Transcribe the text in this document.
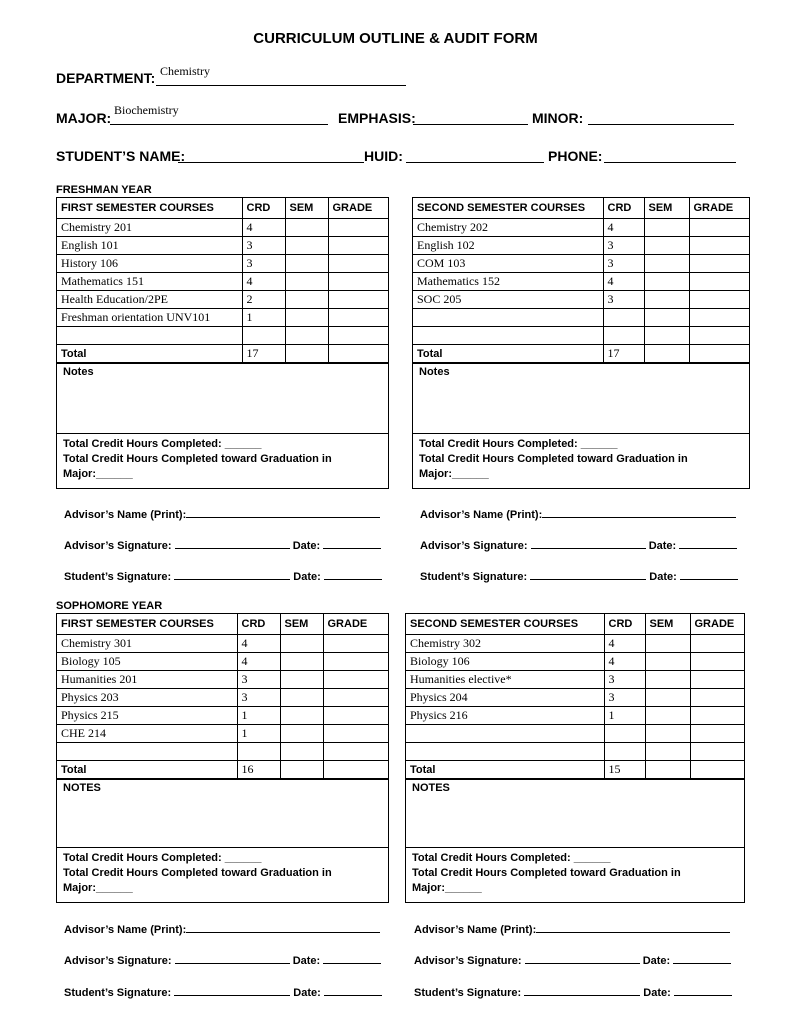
CURRICULUM OUTLINE & AUDIT FORM
DEPARTMENT: Chemistry
MAJOR: Biochemistry	EMPHASIS:	MINOR:
STUDENT’S NAME:	HUID:	PHONE:
FRESHMAN YEAR
FIRST SEMESTER COURSES	CRD	SEM	GRADE
Chemistry 201	4		
English 101	3		
History 106	3		
Mathematics 151	4		
Health Education/2PE	2		
Freshman orientation UNV101	1		

Total	17		
Notes
Total Credit Hours Completed: ______
Total Credit Hours Completed toward Graduation in
Major:______
SECOND SEMESTER COURSES	CRD	SEM	GRADE
Chemistry 202	4		
English 102	3		
COM 103	3		
Mathematics 152	4		
SOC 205	3		

Total	17		
Notes
Total Credit Hours Completed: ______
Total Credit Hours Completed toward Graduation in
Major:______
Advisor’s Name (Print):
Advisor’s Signature:	Date:
Student’s Signature:	Date:
Advisor’s Name (Print):
Advisor’s Signature:	Date:
Student’s Signature:	Date:
SOPHOMORE YEAR
FIRST SEMESTER COURSES	CRD	SEM	GRADE
Chemistry 301	4		
Biology 105	4		
Humanities 201	3		
Physics 203	3		
Physics 215	1		
CHE 214	1		

Total	16		
NOTES
Total Credit Hours Completed: ______
Total Credit Hours Completed toward Graduation in
Major:______
SECOND SEMESTER COURSES	CRD	SEM	GRADE
Chemistry 302	4		
Biology 106	4		
Humanities elective*	3		
Physics 204	3		
Physics 216	1		

Total	15		
NOTES
Total Credit Hours Completed: ______
Total Credit Hours Completed toward Graduation in
Major:______
Advisor’s Name (Print):
Advisor’s Signature:	Date:
Student’s Signature:	Date:
Advisor’s Name (Print):
Advisor’s Signature:	Date:
Student’s Signature:	Date:
